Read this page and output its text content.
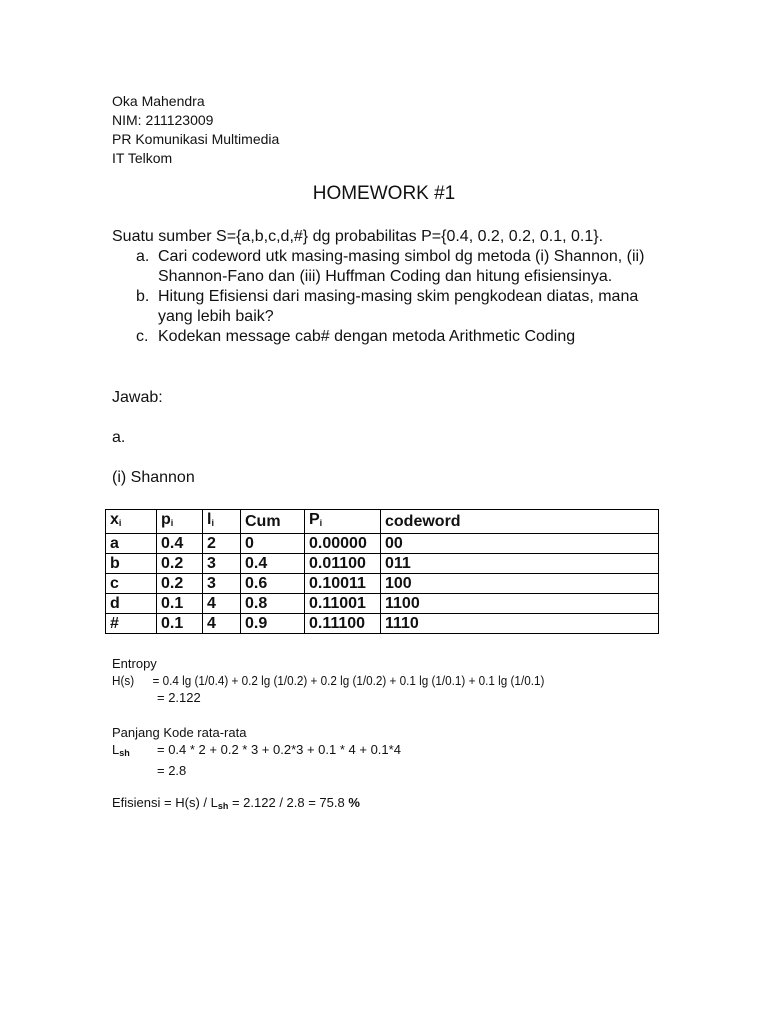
Oka Mahendra
NIM: 211123009
PR Komunikasi Multimedia
IT Telkom
HOMEWORK #1
Suatu sumber S={a,b,c,d,#} dg probabilitas P={0.4, 0.2, 0.2, 0.1, 0.1}.
a. Cari codeword utk masing-masing simbol dg metoda (i) Shannon, (ii) Shannon-Fano dan (iii) Huffman Coding dan hitung efisiensinya.
b. Hitung Efisiensi dari masing-masing skim pengkodean diatas, mana yang lebih baik?
c. Kodekan message cab# dengan metoda Arithmetic Coding
Jawab:
a.
(i) Shannon
$x_i$	$p_i$	$l_i$	Cum	$P_i$	codeword
a	0.4	2	0	0.00000	00
b	0.2	3	0.4	0.01100	011
c	0.2	3	0.6	0.10011	100
d	0.1	4	0.8	0.11001	1100
#	0.1	4	0.9	0.11100	1110
Entropy
H(s) = 0.4 lg (1/0.4) + 0.2 lg (1/0.2) + 0.2 lg (1/0.2) + 0.1 lg (1/0.1) + 0.1 lg (1/0.1)
= 2.122
Panjang Kode rata-rata
$L_{sh} = 0.4 * 2 + 0.2 * 3 + 0.2*3 + 0.1 * 4 + 0.1*4$
= 2.8
Efisiensi = $H(s) / L_{sh} = 2.122 / 2.8 = 75.8$ %
